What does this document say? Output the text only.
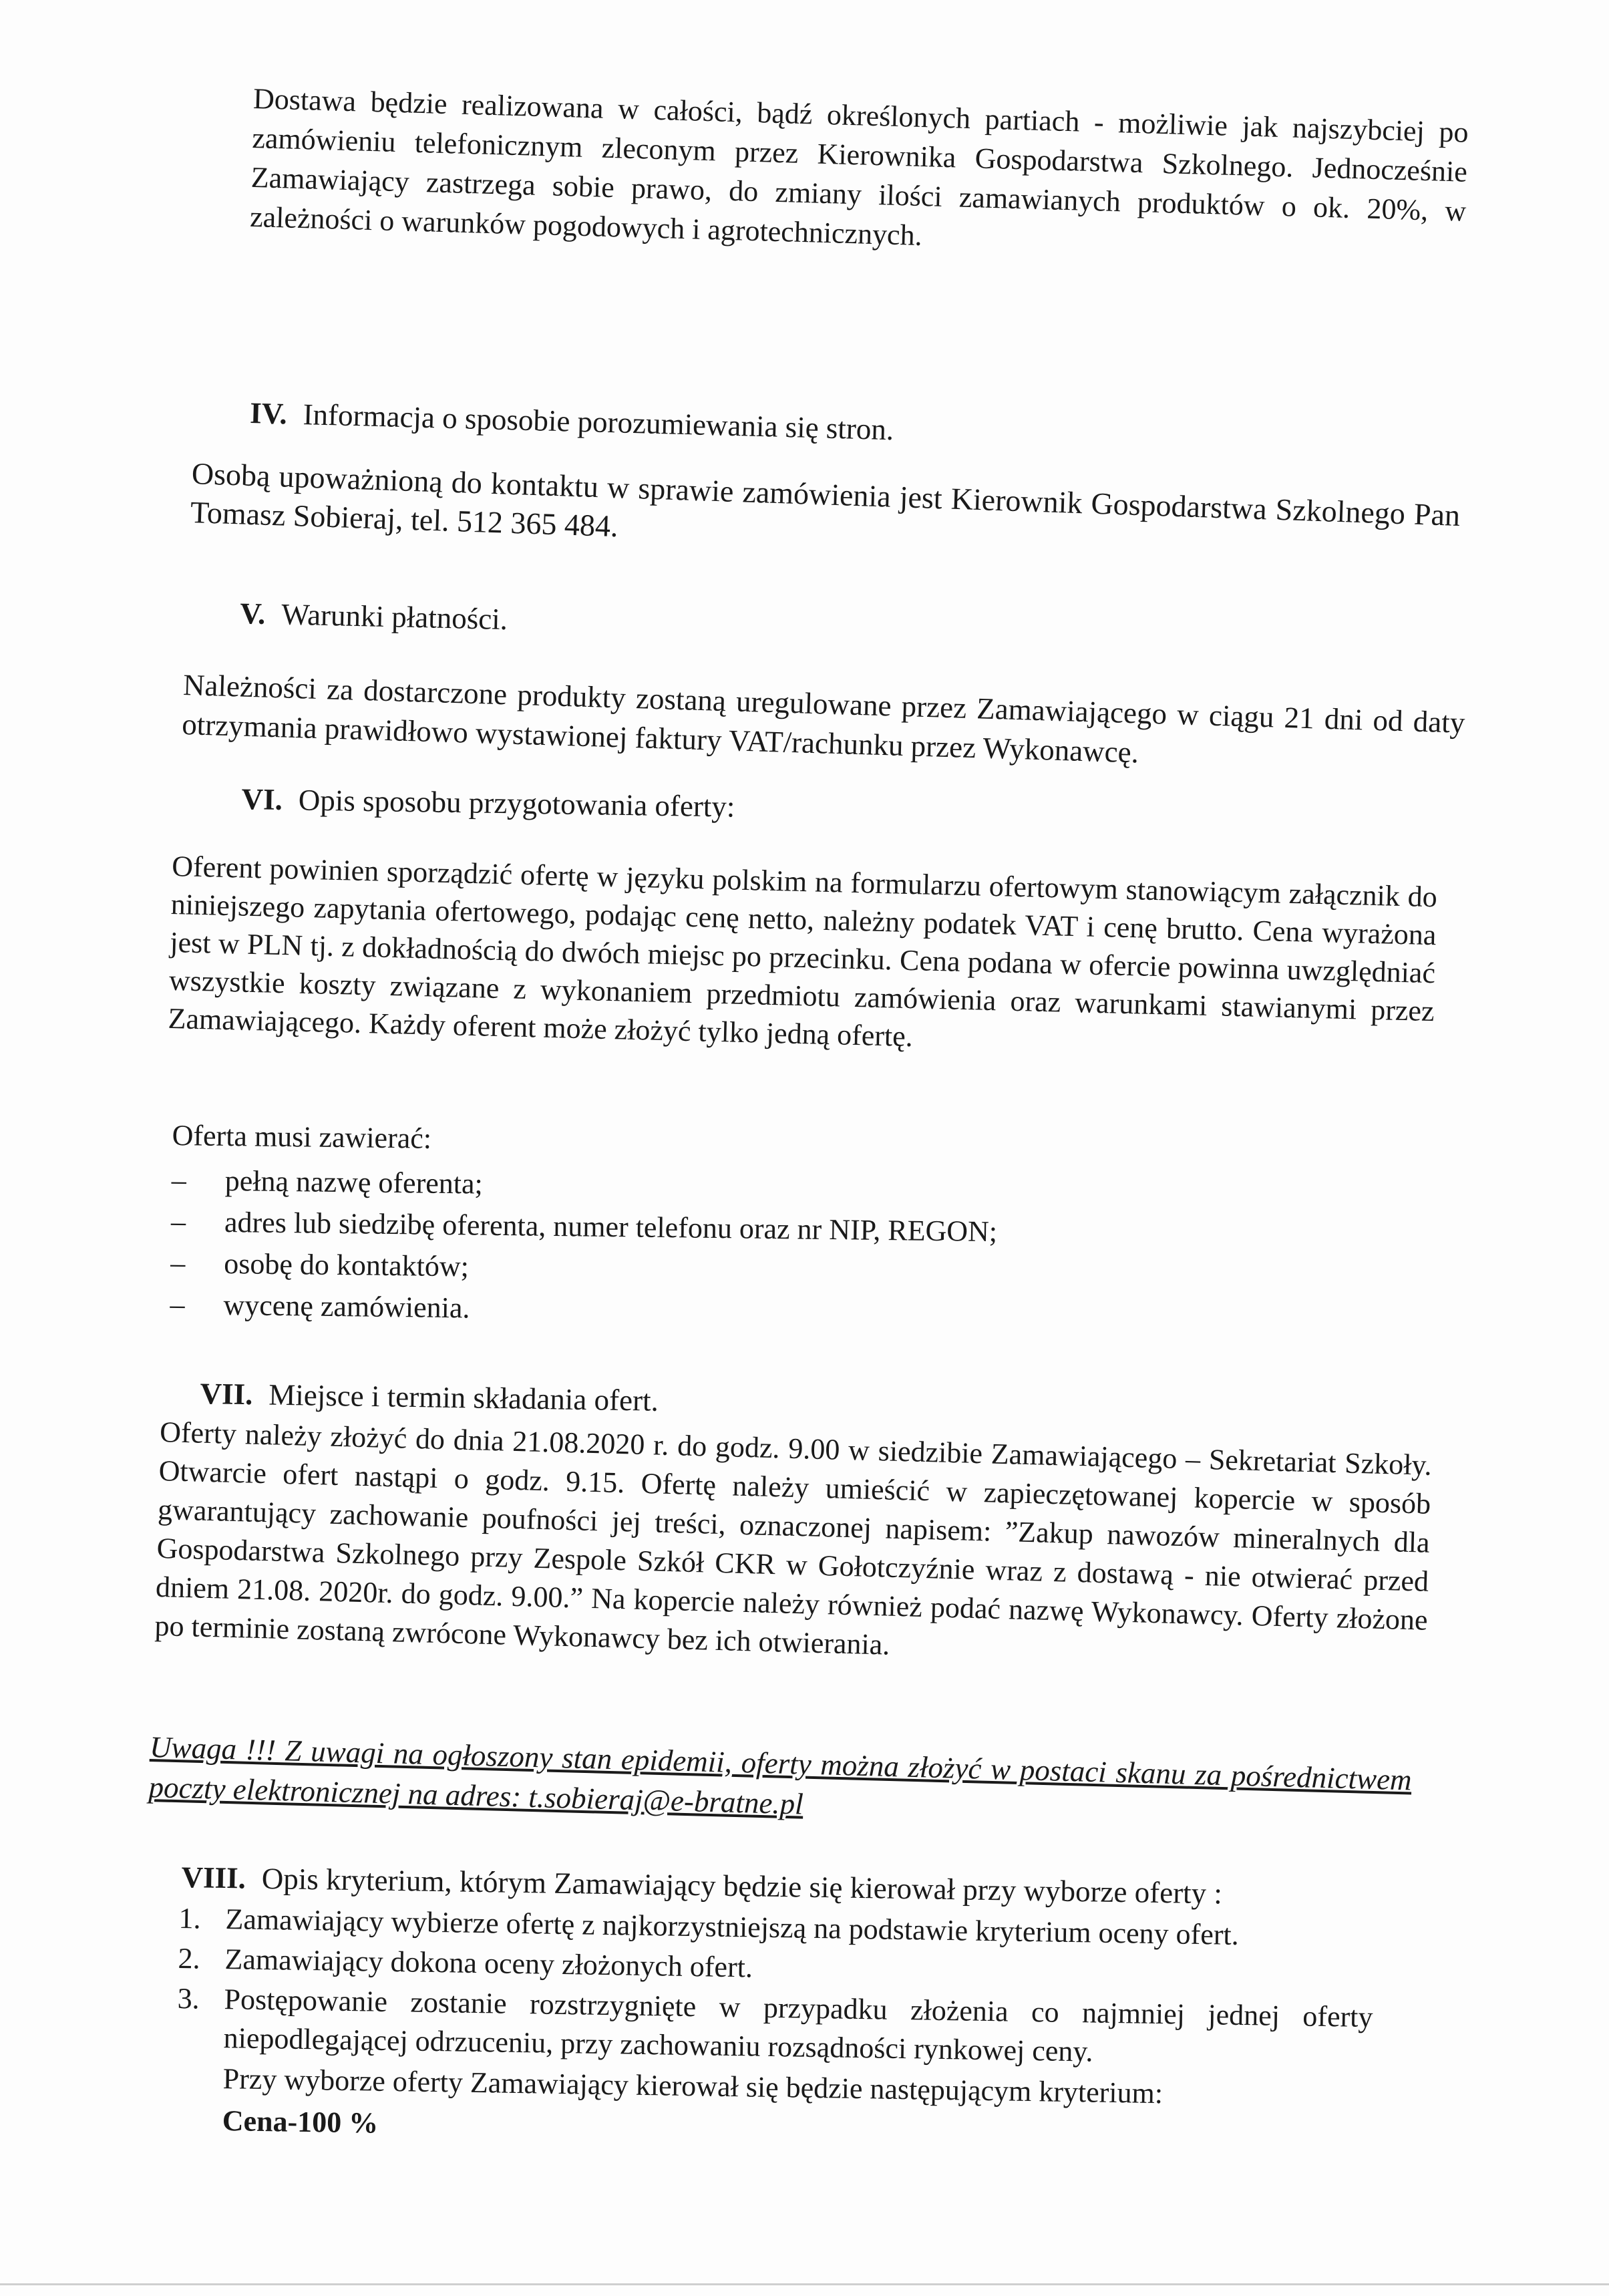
Dostawa będzie realizowana w całości, bądź określonych partiach - możliwie jak najszybciej po zamówieniu telefonicznym zleconym przez Kierownika Gospodarstwa Szkolnego. Jednocześnie Zamawiający zastrzega sobie prawo, do zmiany ilości zamawianych produktów o ok. 20%, w zależności o warunków pogodowych i agrotechnicznych.

IV. Informacja o sposobie porozumiewania się stron.

Osobą upoważnioną do kontaktu w sprawie zamówienia jest Kierownik Gospodarstwa Szkolnego Pan Tomasz Sobieraj, tel. 512 365 484.

V. Warunki płatności.

Należności za dostarczone produkty zostaną uregulowane przez Zamawiającego w ciągu 21 dni od daty otrzymania prawidłowo wystawionej faktury VAT/rachunku przez Wykonawcę.

VI. Opis sposobu przygotowania oferty:

Oferent powinien sporządzić ofertę w języku polskim na formularzu ofertowym stanowiącym załącznik do niniejszego zapytania ofertowego, podając cenę netto, należny podatek VAT i cenę brutto. Cena wyrażona jest w PLN tj. z dokładnością do dwóch miejsc po przecinku. Cena podana w ofercie powinna uwzględniać wszystkie koszty związane z wykonaniem przedmiotu zamówienia oraz warunkami stawianymi przez Zamawiającego. Każdy oferent może złożyć tylko jedną ofertę.

Oferta musi zawierać:

– pełną nazwę oferenta;
– adres lub siedzibę oferenta, numer telefonu oraz nr NIP, REGON;
– osobę do kontaktów;
– wycenę zamówienia.
VII. Miejsce i termin składania ofert.

Oferty należy złożyć do dnia 21.08.2020 r. do godz. 9.00 w siedzibie Zamawiającego – Sekretariat Szkoły. Otwarcie ofert nastąpi o godz. 9.15. Ofertę należy umieścić w zapieczętowanej kopercie w sposób gwarantujący zachowanie poufności jej treści, oznaczonej napisem: ”Zakup nawozów mineralnych dla Gospodarstwa Szkolnego przy Zespole Szkół CKR w Gołotczyźnie wraz z dostawą - nie otwierać przed dniem 21.08. 2020r. do godz. 9.00.” Na kopercie należy również podać nazwę Wykonawcy. Oferty złożone po terminie zostaną zwrócone Wykonawcy bez ich otwierania.

Uwaga !!! Z uwagi na ogłoszony stan epidemii, oferty można złożyć w postaci skanu za pośrednictwem poczty elektronicznej na adres: t.sobieraj@e-bratne.pl

VIII. Opis kryterium, którym Zamawiający będzie się kierował przy wyborze oferty :
1. Zamawiający wybierze ofertę z najkorzystniejszą na podstawie kryterium oceny ofert.
2. Zamawiający dokona oceny złożonych ofert.
3. Postępowanie zostanie rozstrzygnięte w przypadku złożenia co najmniej jednej oferty niepodlegającej odrzuceniu, przy zachowaniu rozsądności rynkowej ceny.

Przy wyborze oferty Zamawiający kierował się będzie następującym kryterium:

Cena-100 %
